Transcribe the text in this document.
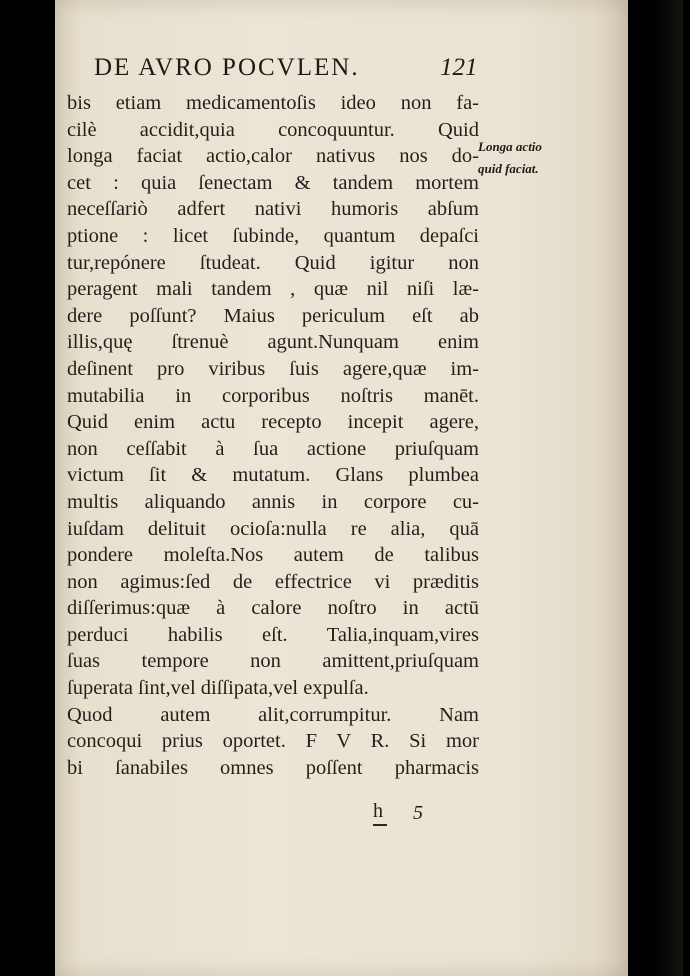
DE AVRO POCVLEN.	121
Longa actio
quid faciat.
bis etiam medicamentoſis ideo non fa-
cilè accidit,quia concoquuntur. Quid
longa faciat actio,calor nativus nos do-
cet : quia ſenectam & tandem mortem
neceſſariò adfert nativi humoris abſum
ptione : licet ſubinde, quantum depaſci
tur,repónere ſtudeat. Quid igitur non
peragent mali tandem , quæ nil niſi læ-
dere poſſunt? Maius periculum eſt ab
illis,quę ſtrenuè agunt.Nunquam enim
deſinent pro viribus ſuis agere,quæ im-
mutabilia in corporibus noſtris manēt.
Quid enim actu recepto incepit agere,
non ceſſabit à ſua actione priuſquam
victum ſit & mutatum. Glans plumbea
multis aliquando annis in corpore cu-
iuſdam delituit ocioſa:nulla re alia, quā
pondere moleſta.Nos autem de talibus
non agimus:ſed de effectrice vi præditis
diſſerimus:quæ à calore noſtro in actū
perduci habilis eſt. Talia,inquam,vires
ſuas tempore non amittent,priuſquam
ſuperata ſint,vel diſſipata,vel expulſa.
Quod autem alit,corrumpitur. Nam
concoqui prius oportet. F V R. Si mor
bi ſanabiles omnes poſſent pharmacis
h 5
